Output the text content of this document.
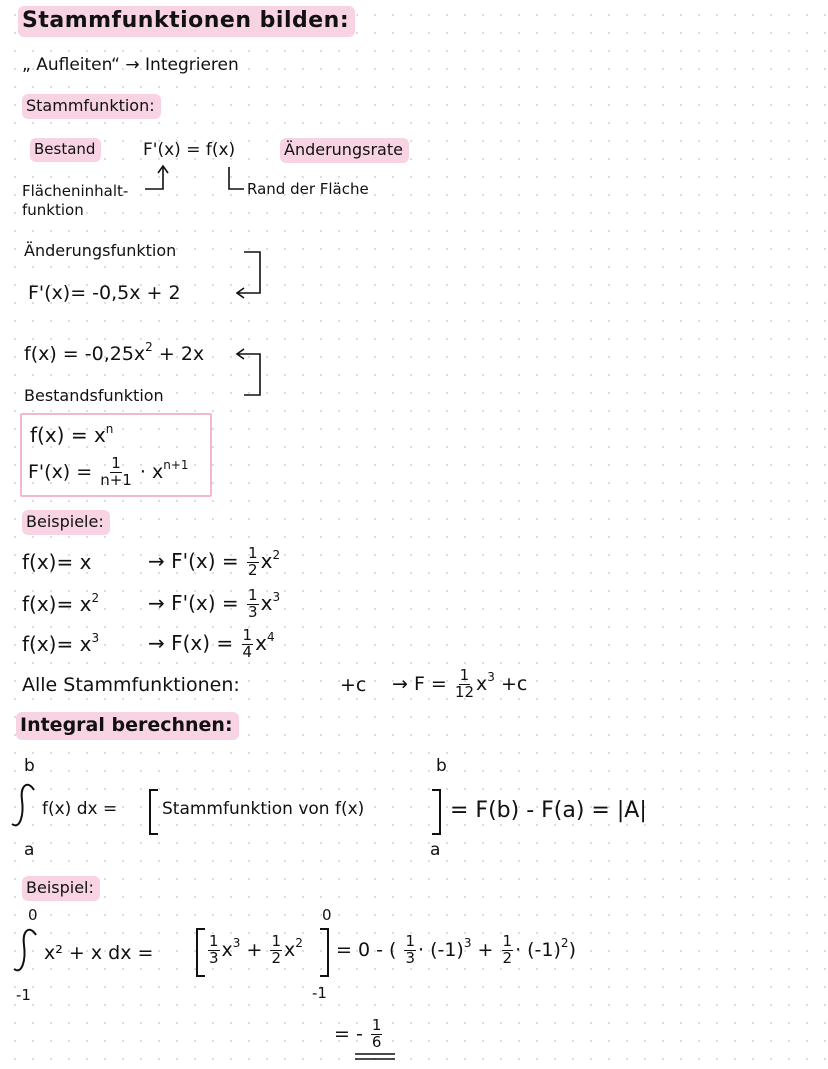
Stammfunktionen bilden:
„ Aufleiten“ → Integrieren
Stammfunktion:
Bestand	F'(x) = f(x)	Änderungsrate
Flächeninhalt-
funktion
Rand der Fläche
Änderungsfunktion
F'(x)= -0,5x + 2
$f(x) = -0,25x^2 + 2x$
Bestandsfunktion
$f(x) = x^n$
$F'(x) = \frac{1}{n+1} \cdot x^{n+1}$
Beispiele:
f(x)= x	→ $F'(x) = \frac{1}{2} x^2$
$f(x)= x^2 \to F'(x) = \frac{1}{3} x^3$
$f(x)= x^3 \to F(x) = \frac{1}{4} x^4$
Alle Stammfunktionen:	$+c \to F = \frac{1}{12} x^3 +c$
Integral berechnen:
b
a
f(x) dx =	Stammfunktion von f(x)
b
a
= F(b) - F(a) = |A|
Beispiel:
0
-1
x² + x dx =	$\frac{1}{3} x^3 + \frac{1}{2} x^2$
0
-1
= 0 - ( $\frac{1}{3} \cdot (-1)^3 + \frac{1}{2} \cdot (-1)^2$)
= - $\frac{1}{6}$
